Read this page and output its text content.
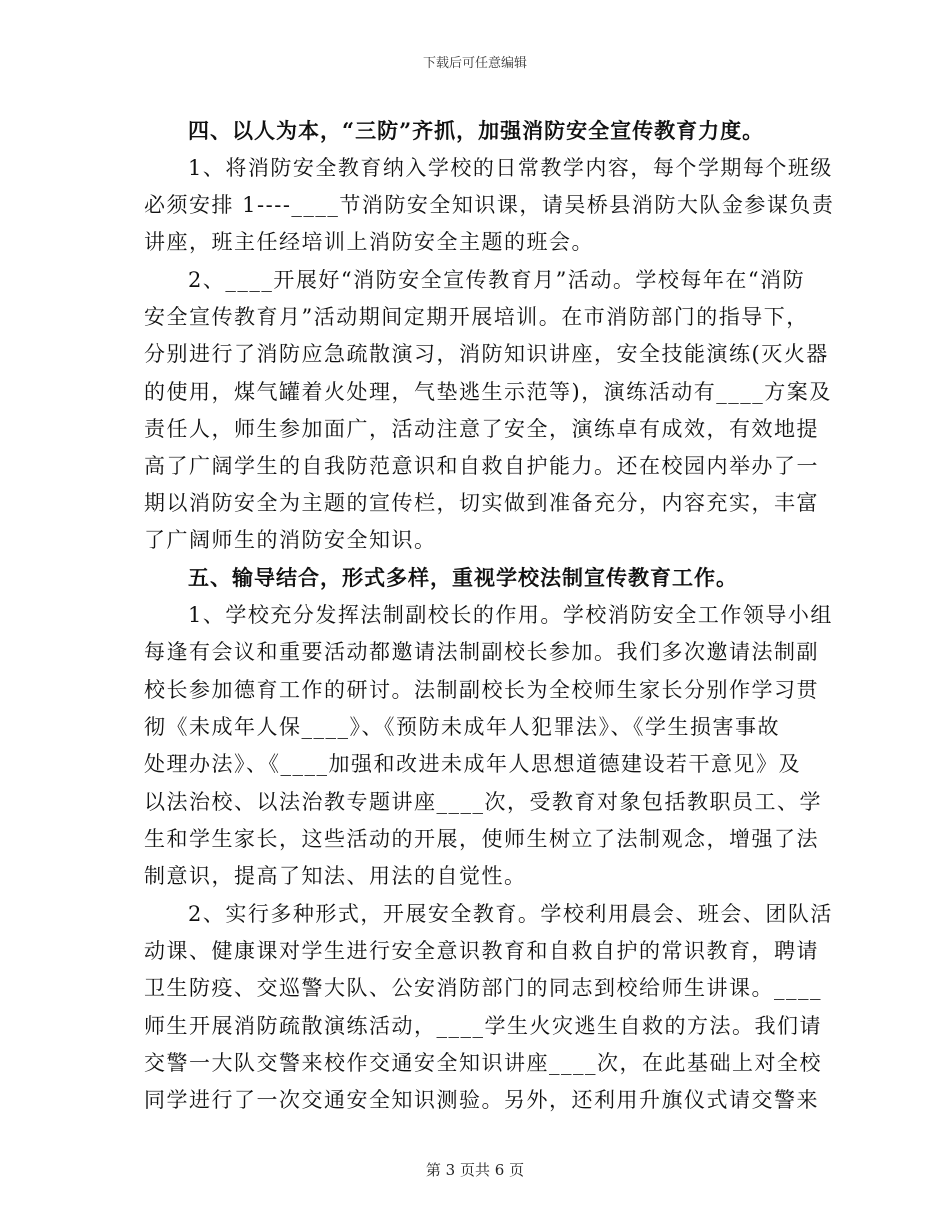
下载后可任意编辑
四、以人为本，“三防”齐抓，加强消防安全宣传教育力度。
1、将消防安全教育纳入学校的日常教学内容，每个学期每个班级
必须安排 1----____节消防安全知识课，请吴桥县消防大队金参谋负责
讲座，班主任经培训上消防安全主题的班会。
2、____开展好“消防安全宣传教育月”活动。学校每年在“消防
安全宣传教育月”活动期间定期开展培训。在市消防部门的指导下，
分别进行了消防应急疏散演习，消防知识讲座，安全技能演练(灭火器
的使用，煤气罐着火处理，气垫逃生示范等)，演练活动有____方案及
责任人，师生参加面广，活动注意了安全，演练卓有成效，有效地提
高了广阔学生的自我防范意识和自救自护能力。还在校园内举办了一
期以消防安全为主题的宣传栏，切实做到准备充分，内容充实，丰富
了广阔师生的消防安全知识。
五、输导结合，形式多样，重视学校法制宣传教育工作。
1、学校充分发挥法制副校长的作用。学校消防安全工作领导小组
每逢有会议和重要活动都邀请法制副校长参加。我们多次邀请法制副
校长参加德育工作的研讨。法制副校长为全校师生家长分别作学习贯
彻《未成年人保____》、《预防未成年人犯罪法》、《学生损害事故
处理办法》、《____加强和改进未成年人思想道德建设若干意见》及
以法治校、以法治教专题讲座____次，受教育对象包括教职员工、学
生和学生家长，这些活动的开展，使师生树立了法制观念，增强了法
制意识，提高了知法、用法的自觉性。
2、实行多种形式，开展安全教育。学校利用晨会、班会、团队活
动课、健康课对学生进行安全意识教育和自救自护的常识教育，聘请
卫生防疫、交巡警大队、公安消防部门的同志到校给师生讲课。____
师生开展消防疏散演练活动，____学生火灾逃生自救的方法。我们请
交警一大队交警来校作交通安全知识讲座____次，在此基础上对全校
同学进行了一次交通安全知识测验。另外，还利用升旗仪式请交警来
第 3 页共 6 页
